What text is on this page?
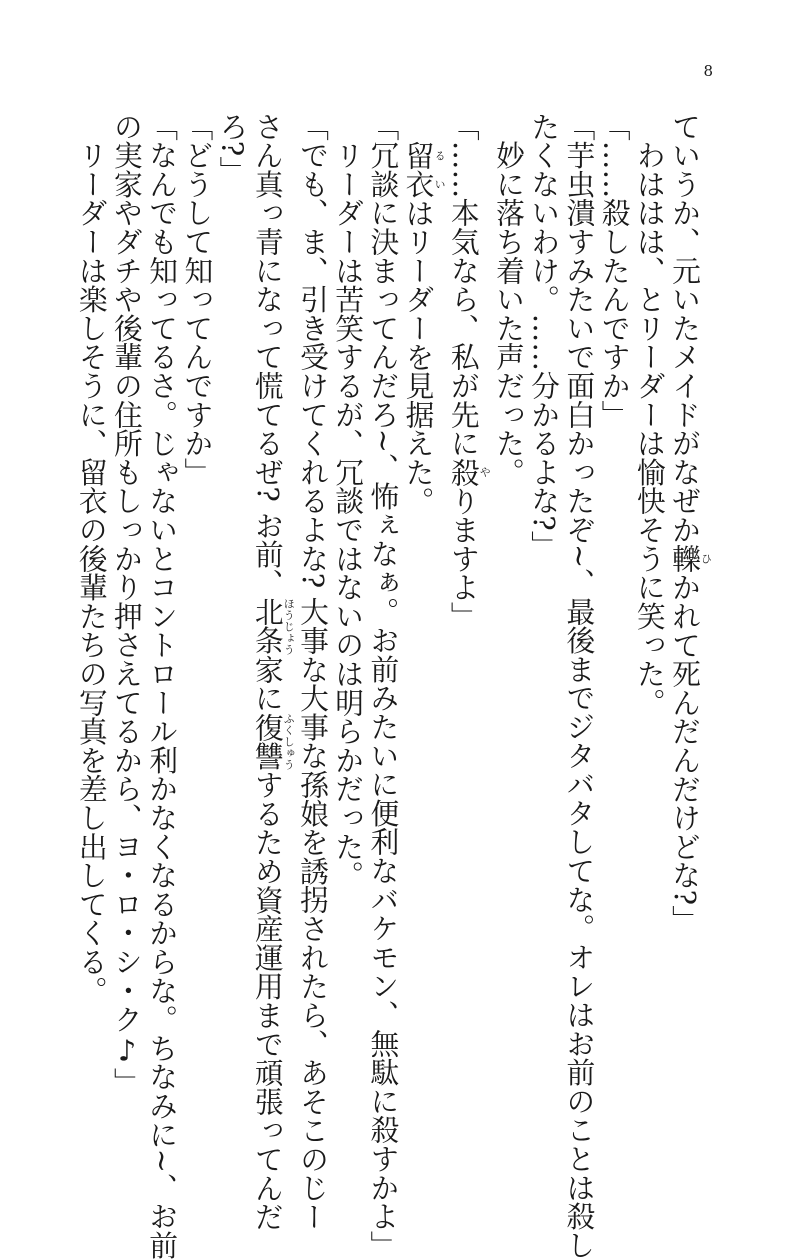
8
ていうか、元いたメイドがなぜか轢ひかれて死んだんだけどな?」
　わははは、とリーダーは愉快そうに笑った。
「……殺したんですか」
「芋虫潰すみたいで面白かったぞ~、最後までジタバタしてな。オレはお前のことは殺し
たくないわけ。……分かるよな?」
　妙に落ち着いた声だった。
「……本気なら、私が先に殺やりますよ」
　留衣るいはリーダーを見据えた。
「冗談に決まってんだろ~、怖ぇなぁ。お前みたいに便利なバケモン、無駄に殺すかよ」
　リーダーは苦笑するが、冗談ではないのは明らかだった。
「でも、ま、引き受けてくれるよな? 大事な大事な孫娘を誘拐されたら、あそこのじー
さん真っ青になって慌てるぜ? お前、北条ほうじょう家に復讐ふくしゅうするため資産運用まで頑張ってんだ
ろ?」
「どうして知ってんですか」
「なんでも知ってるさ。じゃないとコントロール利かなくなるからな。ちなみに~、お前
の実家やダチや後輩の住所もしっかり押さえてるから、ヨ・ロ・シ・ク♪」
　リーダーは楽しそうに、留衣の後輩たちの写真を差し出してくる。
